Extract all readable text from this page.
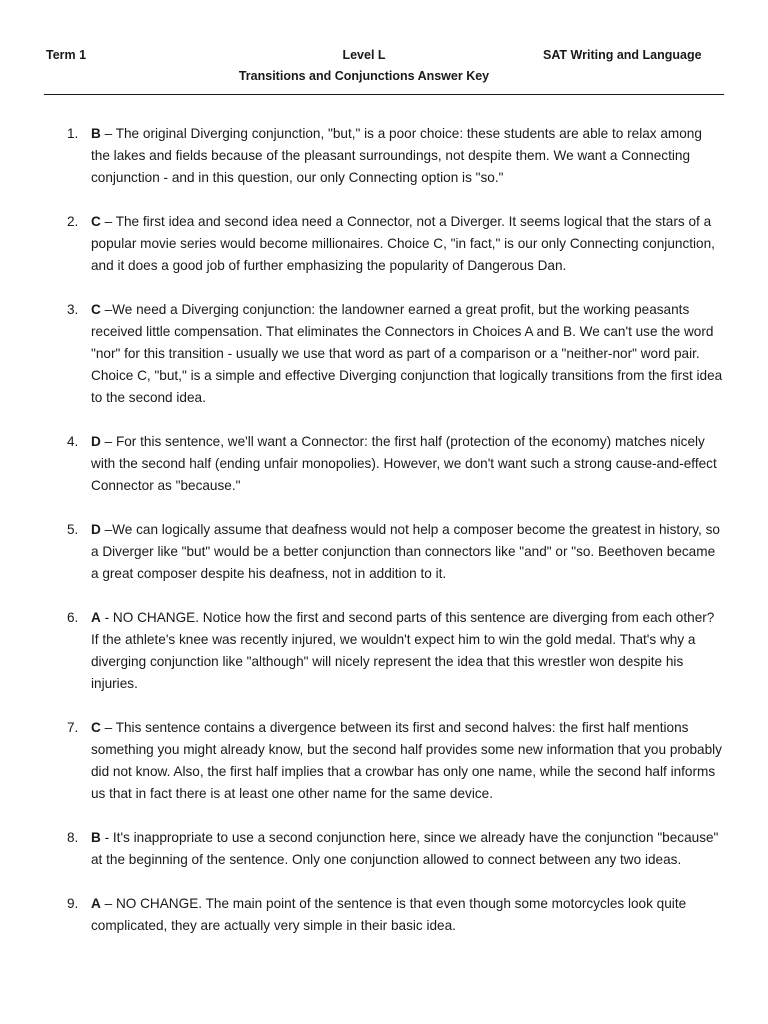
Term 1	Level L	SAT Writing and Language
Transitions and Conjunctions Answer Key
1. B – The original Diverging conjunction, "but," is a poor choice: these students are able to relax among the lakes and fields because of the pleasant surroundings, not despite them. We want a Connecting conjunction - and in this question, our only Connecting option is "so."
2. C – The first idea and second idea need a Connector, not a Diverger. It seems logical that the stars of a popular movie series would become millionaires. Choice C, "in fact," is our only Connecting conjunction, and it does a good job of further emphasizing the popularity of Dangerous Dan.
3. C –We need a Diverging conjunction: the landowner earned a great profit, but the working peasants received little compensation. That eliminates the Connectors in Choices A and B. We can't use the word "nor" for this transition - usually we use that word as part of a comparison or a "neither-nor" word pair. Choice C, "but," is a simple and effective Diverging conjunction that logically transitions from the first idea to the second idea.
4. D – For this sentence, we'll want a Connector: the first half (protection of the economy) matches nicely with the second half (ending unfair monopolies). However, we don't want such a strong cause-and-effect Connector as "because."
5. D –We can logically assume that deafness would not help a composer become the greatest in history, so a Diverger like "but" would be a better conjunction than connectors like "and" or "so. Beethoven became a great composer despite his deafness, not in addition to it.
6. A - NO CHANGE. Notice how the first and second parts of this sentence are diverging from each other? If the athlete's knee was recently injured, we wouldn't expect him to win the gold medal. That's why a diverging conjunction like "although" will nicely represent the idea that this wrestler won despite his injuries.
7. C – This sentence contains a divergence between its first and second halves: the first half mentions something you might already know, but the second half provides some new information that you probably did not know. Also, the first half implies that a crowbar has only one name, while the second half informs us that in fact there is at least one other name for the same device.
8. B - It's inappropriate to use a second conjunction here, since we already have the conjunction "because" at the beginning of the sentence. Only one conjunction allowed to connect between any two ideas.
9. A – NO CHANGE. The main point of the sentence is that even though some motorcycles look quite complicated, they are actually very simple in their basic idea.
